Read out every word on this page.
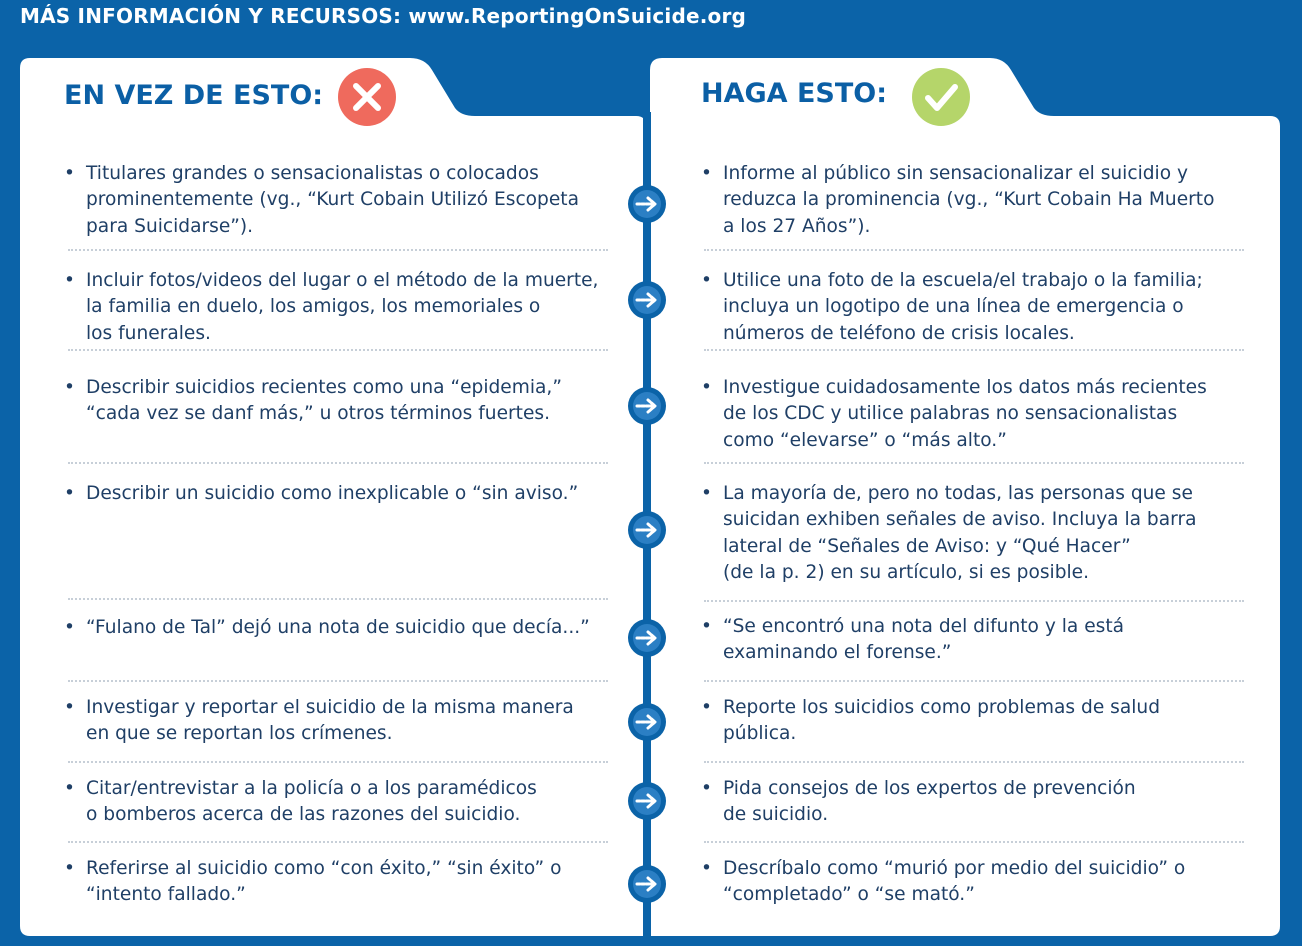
MÁS INFORMACIÓN Y RECURSOS: www.ReportingOnSuicide.org
EN VEZ DE ESTO:	HAGA ESTO:
• Titulares grandes o sensacionalistas o colocados
prominentemente (vg., “Kurt Cobain Utilizó Escopeta
para Suicidarse”).
• Incluir fotos/videos del lugar o el método de la muerte,
la familia en duelo, los amigos, los memoriales o
los funerales.
• Describir suicidios recientes como una “epidemia,”
“cada vez se danf más,” u otros términos fuertes.
• Describir un suicidio como inexplicable o “sin aviso.”
• “Fulano de Tal” dejó una nota de suicidio que decía...”
• Investigar y reportar el suicidio de la misma manera
en que se reportan los crímenes.
• Citar/entrevistar a la policía o a los paramédicos
o bomberos acerca de las razones del suicidio.
• Referirse al suicidio como “con éxito,” “sin éxito” o
“intento fallado.”
• Informe al público sin sensacionalizar el suicidio y
reduzca la prominencia (vg., “Kurt Cobain Ha Muerto
a los 27 Años”).
• Utilice una foto de la escuela/el trabajo o la familia;
incluya un logotipo de una línea de emergencia o
números de teléfono de crisis locales.
• Investigue cuidadosamente los datos más recientes
de los CDC y utilice palabras no sensacionalistas
como “elevarse” o “más alto.”
• La mayoría de, pero no todas, las personas que se
suicidan exhiben señales de aviso. Incluya la barra
lateral de “Señales de Aviso: y “Qué Hacer”
(de la p. 2) en su artículo, si es posible.
• “Se encontró una nota del difunto y la está
examinando el forense.”
• Reporte los suicidios como problemas de salud
pública.
• Pida consejos de los expertos de prevención
de suicidio.
• Descríbalo como “murió por medio del suicidio” o
“completado” o “se mató.”
